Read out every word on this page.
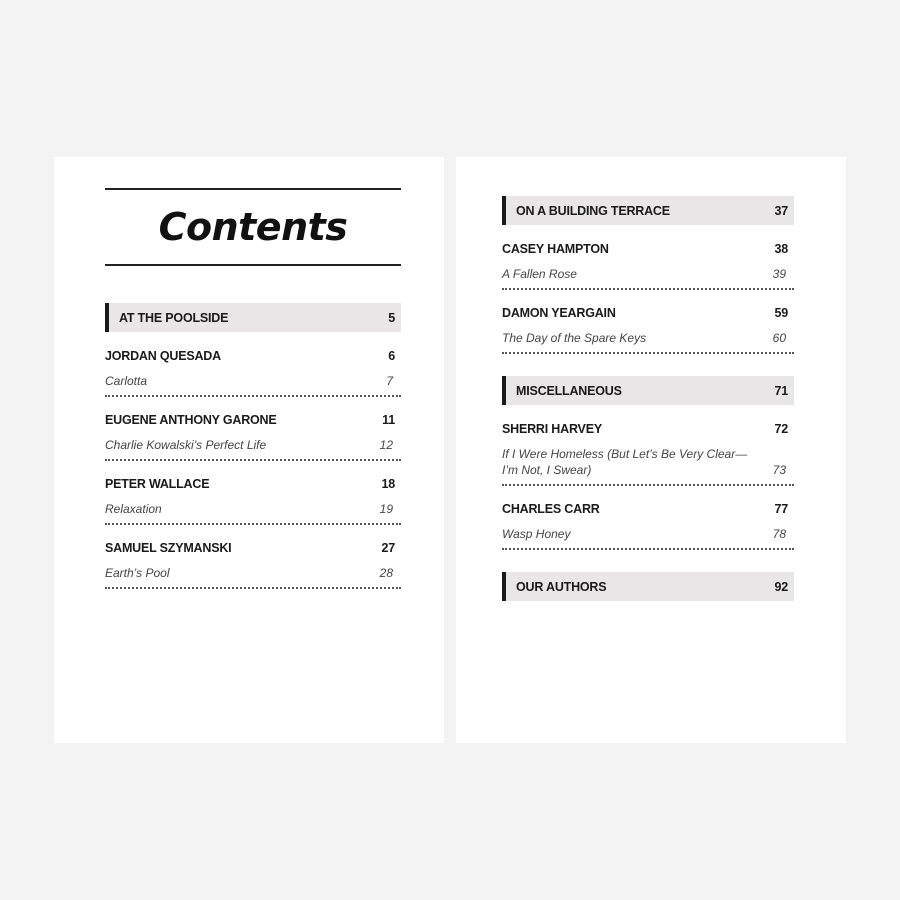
Contents
AT THE POOLSIDE	5
JORDAN QUESADA	6
Carlotta	7
EUGENE ANTHONY GARONE	11
Charlie Kowalski’s Perfect Life	12
PETER WALLACE	18
Relaxation	19
SAMUEL SZYMANSKI	27
Earth’s Pool	28
ON A BUILDING TERRACE	37
CASEY HAMPTON	38
A Fallen Rose	39
DAMON YEARGAIN	59
The Day of the Spare Keys	60
MISCELLANEOUS	71
SHERRI HARVEY	72
If I Were Homeless (But Let’s Be Very Clear— I’m Not, I Swear)	73
CHARLES CARR	77
Wasp Honey	78
OUR AUTHORS	92
